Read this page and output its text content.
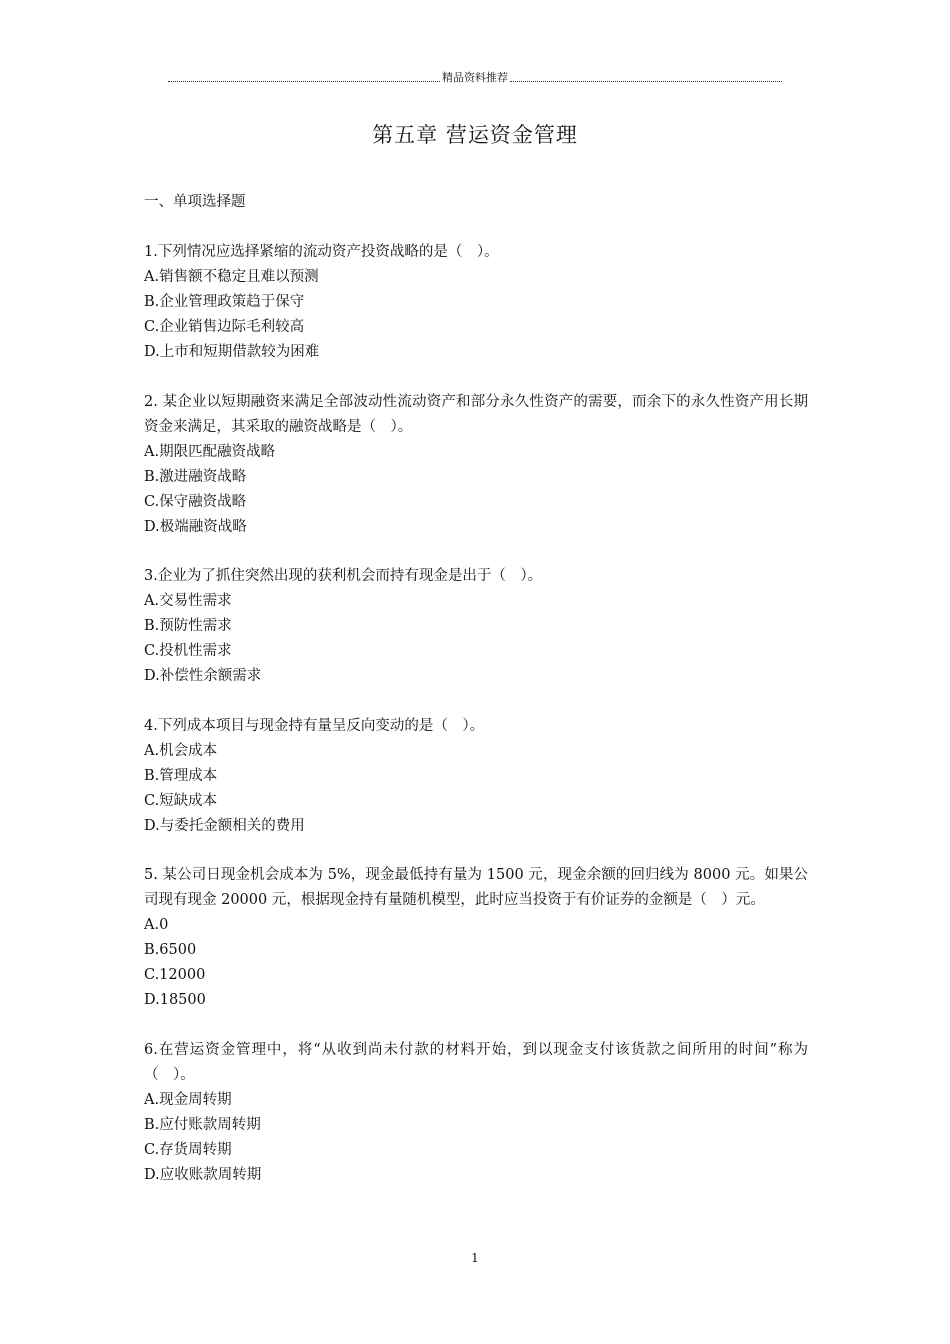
精品资料推荐
第五章 营运资金管理
一、单项选择题

1.下列情况应选择紧缩的流动资产投资战略的是（　）。

A.销售额不稳定且难以预测

B.企业管理政策趋于保守

C.企业销售边际毛利较高

D.上市和短期借款较为困难

2. 某企业以短期融资来满足全部波动性流动资产和部分永久性资产的需要，而余下的永久性资产用长期资金来满足，其采取的融资战略是（　）。

A.期限匹配融资战略

B.激进融资战略

C.保守融资战略

D.极端融资战略

3.企业为了抓住突然出现的获利机会而持有现金是出于（　）。

A.交易性需求

B.预防性需求

C.投机性需求

D.补偿性余额需求

4.下列成本项目与现金持有量呈反向变动的是（　）。

A.机会成本

B.管理成本

C.短缺成本

D.与委托金额相关的费用

5. 某公司日现金机会成本为 5%，现金最低持有量为 1500 元，现金余额的回归线为 8000 元。如果公司现有现金 20000 元，根据现金持有量随机模型，此时应当投资于有价证券的金额是（　）元。

A.0

B.6500

C.12000

D.18500

6.在营运资金管理中，将“从收到尚未付款的材料开始，到以现金支付该货款之间所用的时间”称为（　）。

A.现金周转期

B.应付账款周转期

C.存货周转期

D.应收账款周转期

1
